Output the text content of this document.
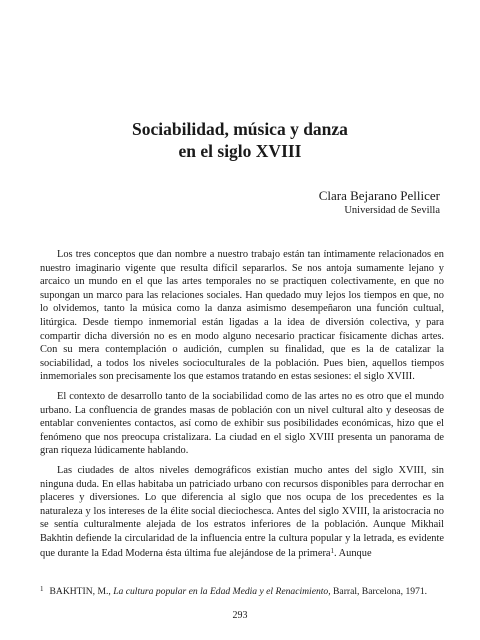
Sociabilidad, música y danza
en el siglo XVIII

Clara Bejarano Pellicer

Universidad de Sevilla

Los tres conceptos que dan nombre a nuestro trabajo están tan íntimamente relacionados en nuestro imaginario vigente que resulta difícil separarlos. Se nos antoja sumamente lejano y arcaico un mundo en el que las artes temporales no se practiquen colectivamente, en que no supongan un marco para las relaciones sociales. Han quedado muy lejos los tiempos en que, no lo olvidemos, tanto la música como la danza asimismo desempeñaron una función cultual, litúrgica. Desde tiempo inmemorial están ligadas a la idea de diversión colectiva, y para compartir dicha diversión no es en modo alguno necesario practicar físicamente dichas artes. Con su mera contemplación o audición, cumplen su finalidad, que es la de catalizar la sociabilidad, a todos los niveles socioculturales de la población. Pues bien, aquellos tiempos inmemoriales son precisamente los que estamos tratando en estas sesiones: el siglo XVIII.

El contexto de desarrollo tanto de la sociabilidad como de las artes no es otro que el mundo urbano. La confluencia de grandes masas de población con un nivel cultural alto y deseosas de entablar convenientes contactos, así como de exhibir sus posibilidades económicas, hizo que el fenómeno que nos preocupa cristalizara. La ciudad en el siglo XVIII presenta un panorama de gran riqueza lúdicamente hablando.

Las ciudades de altos niveles demográficos existían mucho antes del siglo XVIII, sin ninguna duda. En ellas habitaba un patriciado urbano con recursos disponibles para derrochar en placeres y diversiones. Lo que diferencia al siglo que nos ocupa de los precedentes es la naturaleza y los intereses de la élite social dieciochesca. Antes del siglo XVIII, la aristocracia no se sentía culturalmente alejada de los estratos inferiores de la población. Aunque Mikhail Bakhtin defiende la circularidad de la influencia entre la cultura popular y la letrada, es evidente que durante la Edad Moderna ésta última fue alejándose de la primera$^1$. Aunque

$^1$ BAKHTIN, M., La cultura popular en la Edad Media y el Renacimiento, Barral, Barcelona, 1971.

293
